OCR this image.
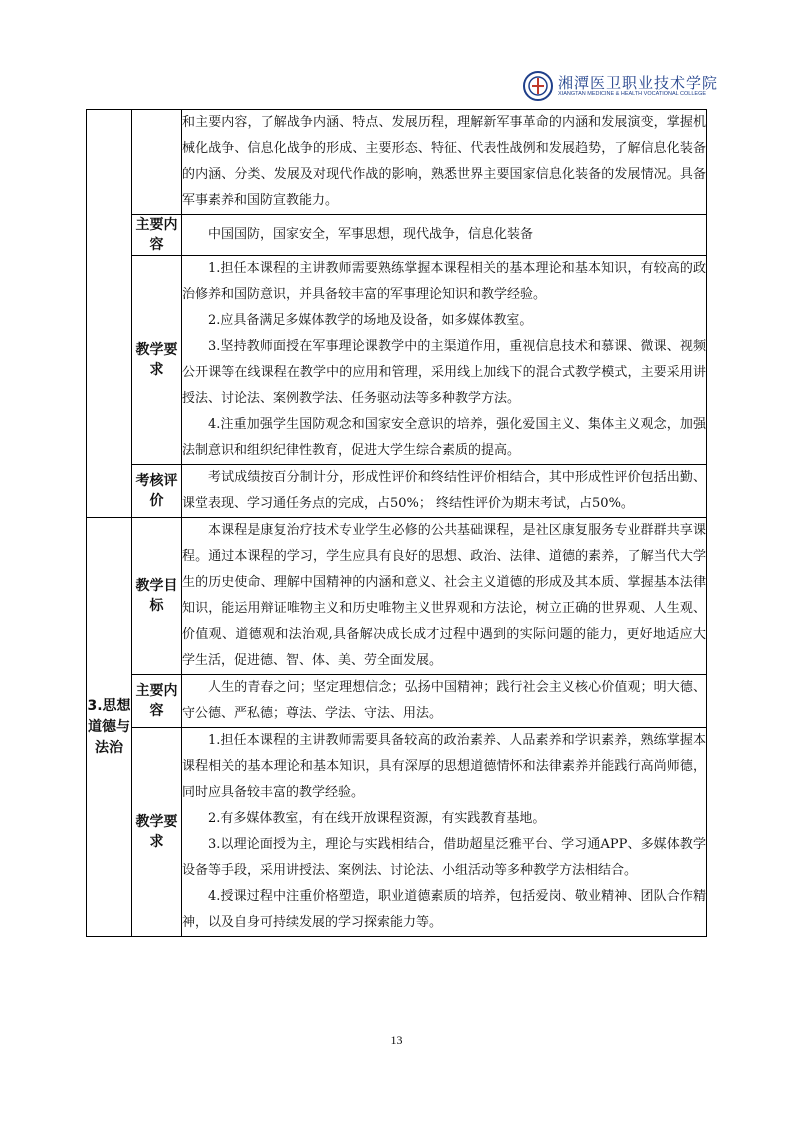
湘潭医卫职业技术学院
XIANGTAN MEDICINE & HEALTH VOCATIONAL COLLEGE

		和主要内容，了解战争内涵、特点、发展历程，理解新军事革命的内涵和发展演变，掌握机械化战争、信息化战争的形成、主要形态、特征、代表性战例和发展趋势，了解信息化装备的内涵、分类、发展及对现代作战的影响，熟悉世界主要国家信息化装备的发展情况。具备军事素养和国防宣教能力。

	主要内容	中国国防，国家安全，军事思想，现代战争，信息化装备

	教学要求	1.担任本课程的主讲教师需要熟练掌握本课程相关的基本理论和基本知识，有较高的政治修养和国防意识，并具备较丰富的军事理论知识和教学经验。

2.应具备满足多媒体教学的场地及设备，如多媒体教室。

3.坚持教师面授在军事理论课教学中的主渠道作用，重视信息技术和慕课、微课、视频公开课等在线课程在教学中的应用和管理，采用线上加线下的混合式教学模式，主要采用讲授法、讨论法、案例教学法、任务驱动法等多种教学方法。

4.注重加强学生国防观念和国家安全意识的培养，强化爱国主义、集体主义观念，加强法制意识和组织纪律性教育，促进大学生综合素质的提高。

	考核评价	考试成绩按百分制计分，形成性评价和终结性评价相结合，其中形成性评价包括出勤、课堂表现、学习通任务点的完成，占50%； 终结性评价为期末考试，占50%。

3.思想道德与法治	教学目标	本课程是康复治疗技术专业学生必修的公共基础课程，是社区康复服务专业群群共享课程。通过本课程的学习，学生应具有良好的思想、政治、法律、道德的素养，了解当代大学生的历史使命、理解中国精神的内涵和意义、社会主义道德的形成及其本质、掌握基本法律知识，能运用辩证唯物主义和历史唯物主义世界观和方法论，树立正确的世界观、人生观、价值观、道德观和法治观,具备解决成长成才过程中遇到的实际问题的能力，更好地适应大学生活，促进德、智、体、美、劳全面发展。

	主要内容	人生的青春之问；坚定理想信念；弘扬中国精神；践行社会主义核心价值观；明大德、守公德、严私德；尊法、学法、守法、用法。

	教学要求	1.担任本课程的主讲教师需要具备较高的政治素养、人品素养和学识素养，熟练掌握本课程相关的基本理论和基本知识，具有深厚的思想道德情怀和法律素养并能践行高尚师德，同时应具备较丰富的教学经验。

2.有多媒体教室，有在线开放课程资源，有实践教育基地。

3.以理论面授为主，理论与实践相结合，借助超星泛雅平台、学习通APP、多媒体教学设备等手段，采用讲授法、案例法、讨论法、小组活动等多种教学方法相结合。

4.授课过程中注重价格塑造，职业道德素质的培养，包括爱岗、敬业精神、团队合作精神，以及自身可持续发展的学习探索能力等。

13
